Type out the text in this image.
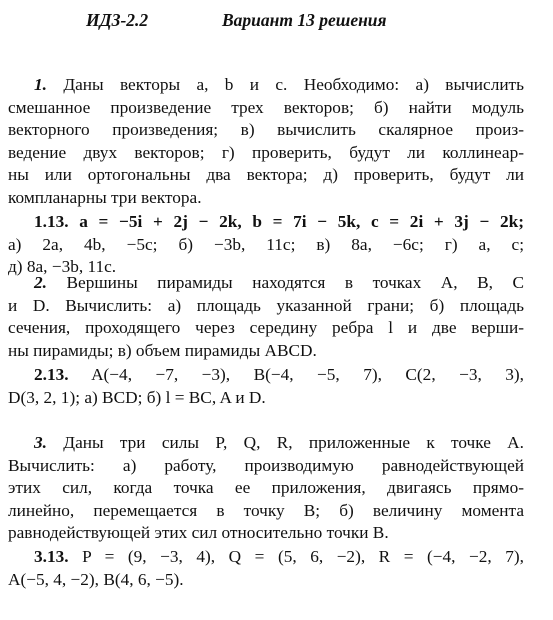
ИДЗ-2.2	Вариант 13 решения
1. Даны векторы a, b и c. Необходимо: а) вычислить
смешанное произведение трех векторов; б) найти модуль
векторного произведения; в) вычислить скалярное произ-
ведение двух векторов; г) проверить, будут ли коллинеар-
ны или ортогональны два вектора; д) проверить, будут ли
компланарны три вектора.
1.13. a = −5i + 2j − 2k, b = 7i − 5k, c = 2i + 3j − 2k;
а) 2a, 4b, −5c; б) −3b, 11c; в) 8a, −6c; г) a, c;
д) 8a, −3b, 11c.
2. Вершины пирамиды находятся в точках A, B, C
и D. Вычислить: а) площадь указанной грани; б) площадь
сечения, проходящего через середину ребра l и две верши-
ны пирамиды; в) объем пирамиды ABCD.
2.13. A(−4, −7, −3), B(−4, −5, 7), C(2, −3, 3),
D(3, 2, 1); а) BCD; б) l = BC, A и D.
3. Даны три силы P, Q, R, приложенные к точке A.
Вычислить: а) работу, производимую равнодействующей
этих сил, когда точка ее приложения, двигаясь прямо-
линейно, перемещается в точку B; б) величину момента
равнодействующей этих сил относительно точки B.
3.13. P = (9, −3, 4), Q = (5, 6, −2), R = (−4, −2, 7),
A(−5, 4, −2), B(4, 6, −5).
